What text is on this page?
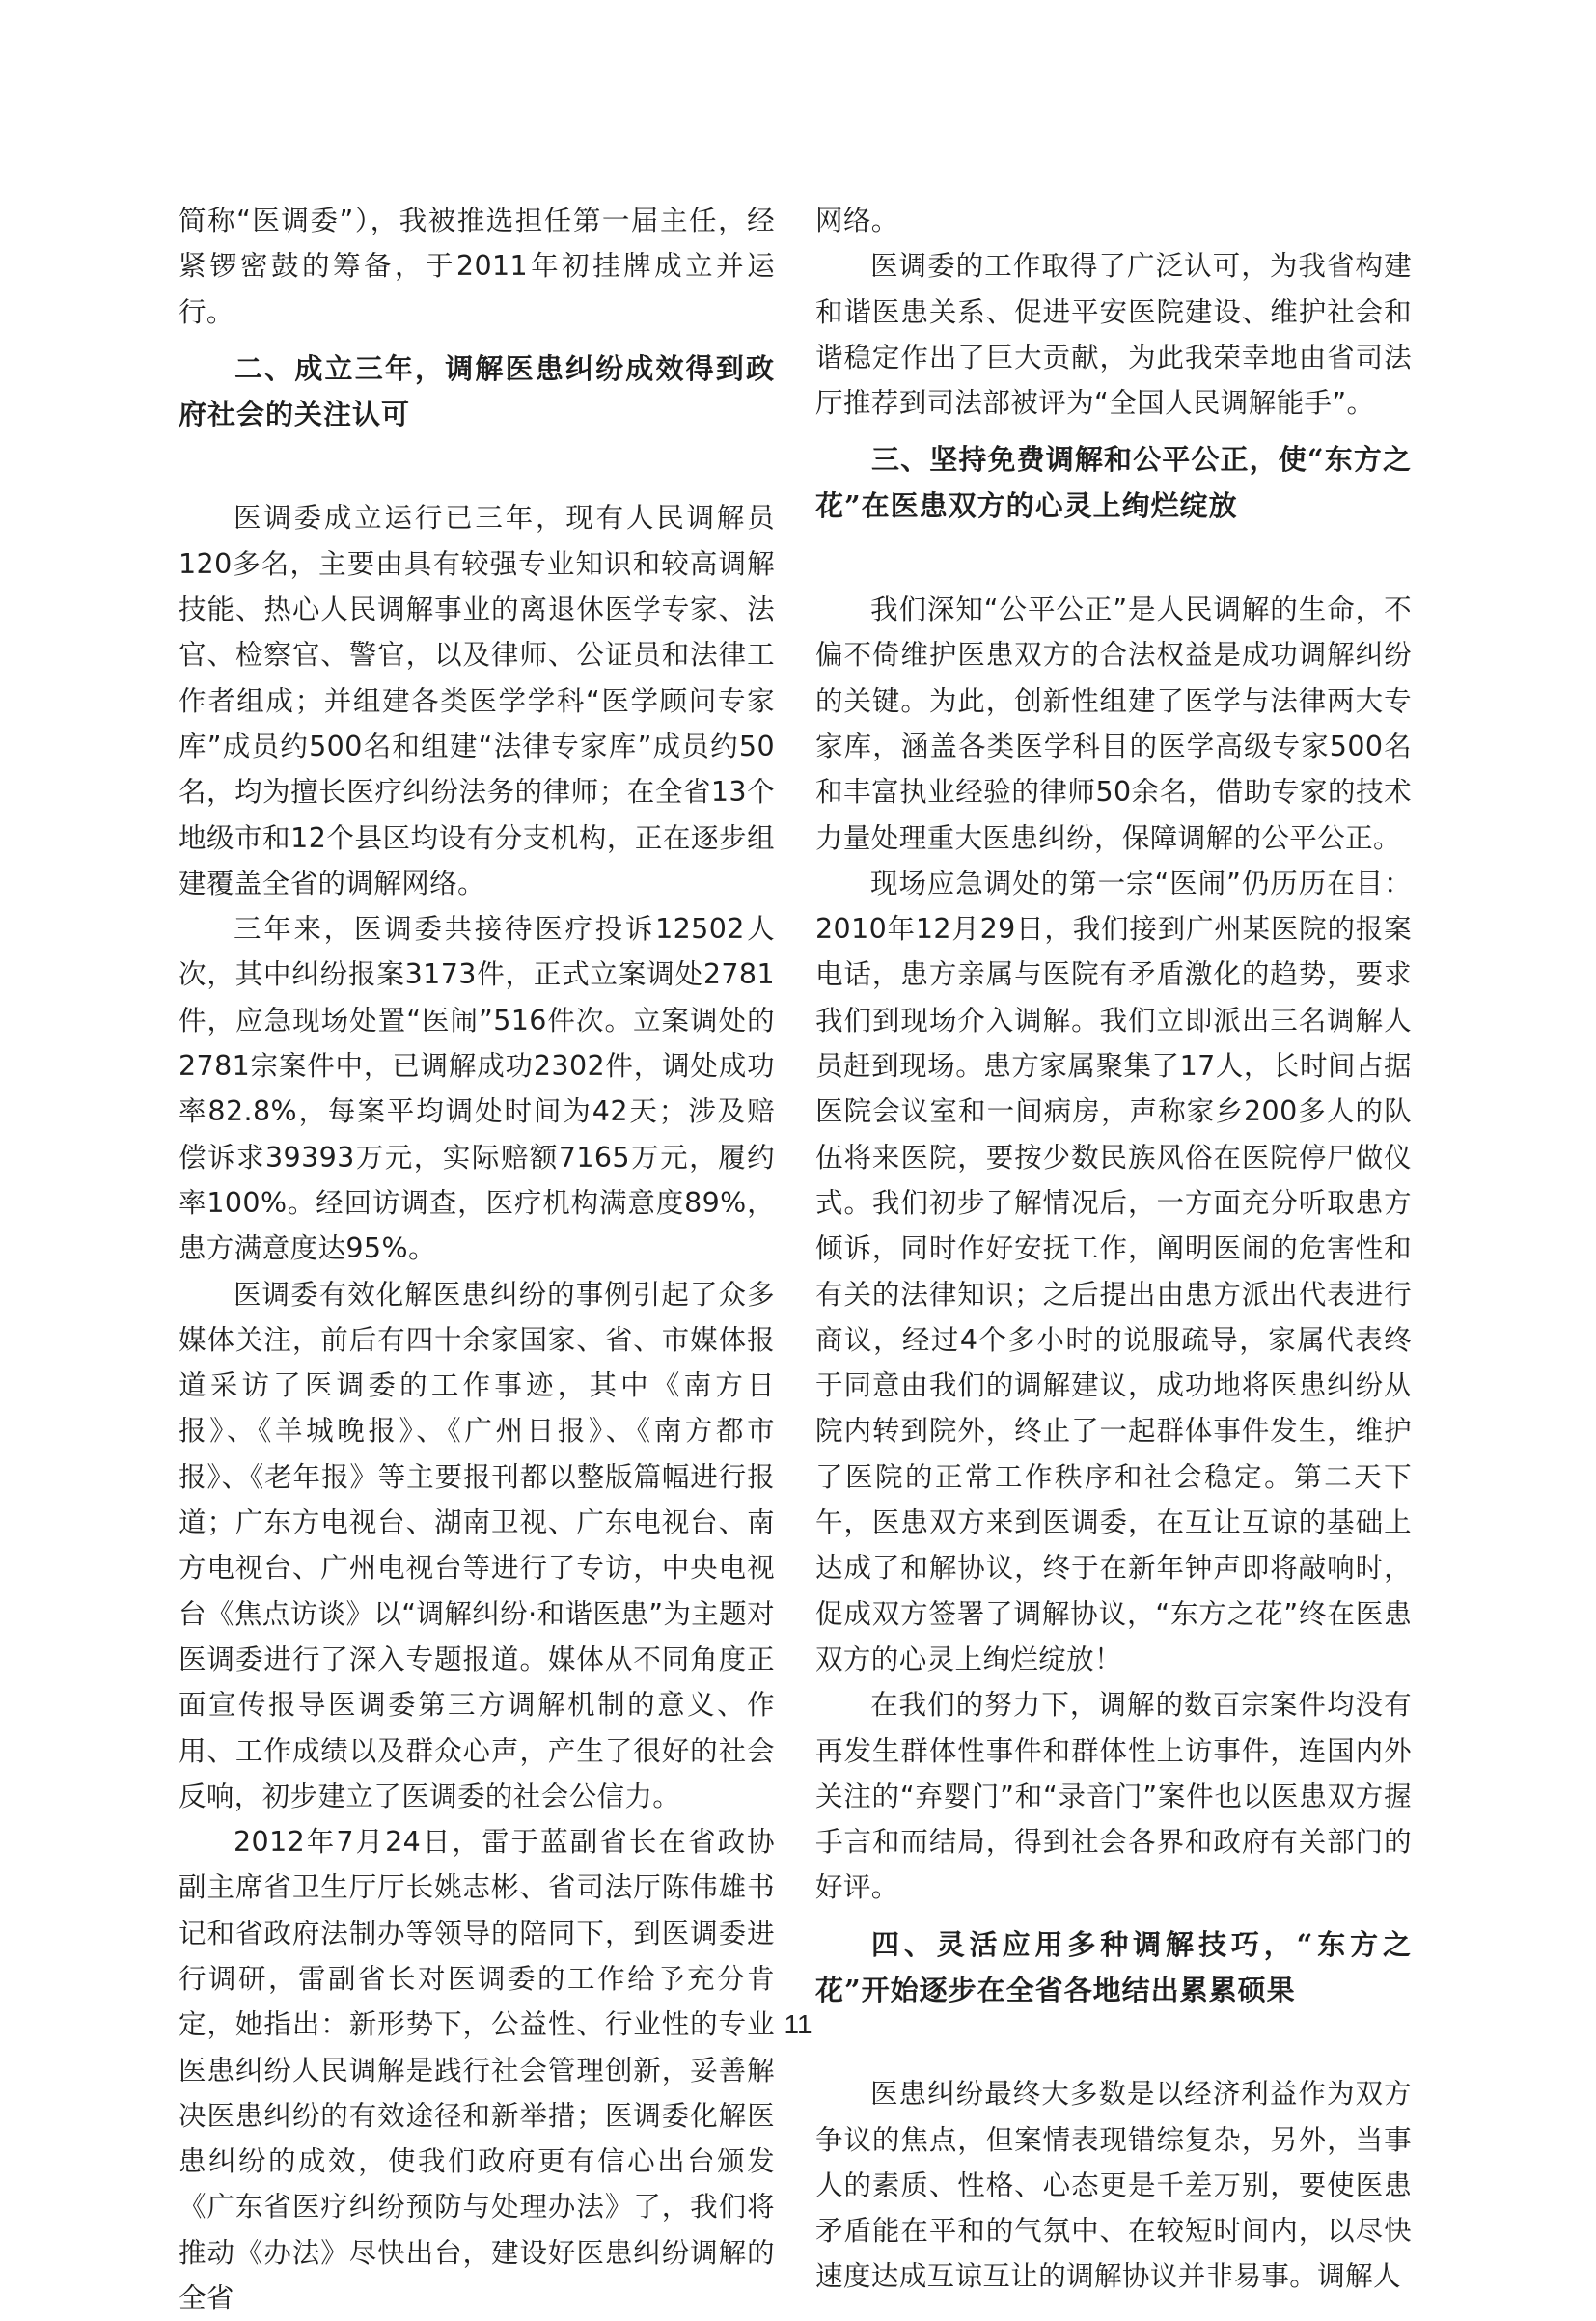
简称“医调委”），我被推选担任第一届主任，经紧锣密鼓的筹备，于2011年初挂牌成立并运行。

二、成立三年，调解医患纠纷成效得到政府社会的关注认可

医调委成立运行已三年，现有人民调解员120多名，主要由具有较强专业知识和较高调解技能、热心人民调解事业的离退休医学专家、法官、检察官、警官，以及律师、公证员和法律工作者组成；并组建各类医学学科“医学顾问专家库”成员约500名和组建“法律专家库”成员约50名，均为擅长医疗纠纷法务的律师；在全省13个地级市和12个县区均设有分支机构，正在逐步组建覆盖全省的调解网络。

三年来，医调委共接待医疗投诉12502人次，其中纠纷报案3173件，正式立案调处2781件，应急现场处置“医闹”516件次。立案调处的2781宗案件中，已调解成功2302件，调处成功率82.8%，每案平均调处时间为42天；涉及赔偿诉求39393万元，实际赔额7165万元，履约率100%。经回访调查，医疗机构满意度89%，患方满意度达95%。

医调委有效化解医患纠纷的事例引起了众多媒体关注，前后有四十余家国家、省、市媒体报道采访了医调委的工作事迹，其中《南方日报》、《羊城晚报》、《广州日报》、《南方都市报》、《老年报》等主要报刊都以整版篇幅进行报道；广东方电视台、湖南卫视、广东电视台、南方电视台、广州电视台等进行了专访，中央电视台《焦点访谈》以“调解纠纷·和谐医患”为主题对医调委进行了深入专题报道。媒体从不同角度正面宣传报导医调委第三方调解机制的意义、作用、工作成绩以及群众心声，产生了很好的社会反响，初步建立了医调委的社会公信力。

2012年7月24日，雷于蓝副省长在省政协副主席省卫生厅厅长姚志彬、省司法厅陈伟雄书记和省政府法制办等领导的陪同下，到医调委进行调研，雷副省长对医调委的工作给予充分肯定，她指出：新形势下，公益性、行业性的专业医患纠纷人民调解是践行社会管理创新，妥善解决医患纠纷的有效途径和新举措；医调委化解医患纠纷的成效，使我们政府更有信心出台颁发《广东省医疗纠纷预防与处理办法》了，我们将推动《办法》尽快出台，建设好医患纠纷调解的全省

网络。

医调委的工作取得了广泛认可，为我省构建和谐医患关系、促进平安医院建设、维护社会和谐稳定作出了巨大贡献，为此我荣幸地由省司法厅推荐到司法部被评为“全国人民调解能手”。

三、坚持免费调解和公平公正，使“东方之花”在医患双方的心灵上绚烂绽放

我们深知“公平公正”是人民调解的生命，不偏不倚维护医患双方的合法权益是成功调解纠纷的关键。为此，创新性组建了医学与法律两大专家库，涵盖各类医学科目的医学高级专家500名和丰富执业经验的律师50余名，借助专家的技术力量处理重大医患纠纷，保障调解的公平公正。

现场应急调处的第一宗“医闹”仍历历在目：2010年12月29日，我们接到广州某医院的报案电话，患方亲属与医院有矛盾激化的趋势，要求我们到现场介入调解。我们立即派出三名调解人员赶到现场。患方家属聚集了17人，长时间占据医院会议室和一间病房，声称家乡200多人的队伍将来医院，要按少数民族风俗在医院停尸做仪式。我们初步了解情况后，一方面充分听取患方倾诉，同时作好安抚工作，阐明医闹的危害性和有关的法律知识；之后提出由患方派出代表进行商议，经过4个多小时的说服疏导，家属代表终于同意由我们的调解建议，成功地将医患纠纷从院内转到院外，终止了一起群体事件发生，维护了医院的正常工作秩序和社会稳定。第二天下午，医患双方来到医调委，在互让互谅的基础上达成了和解协议，终于在新年钟声即将敲响时，促成双方签署了调解协议，“东方之花”终在医患双方的心灵上绚烂绽放！

在我们的努力下，调解的数百宗案件均没有再发生群体性事件和群体性上访事件，连国内外关注的“弃婴门”和“录音门”案件也以医患双方握手言和而结局，得到社会各界和政府有关部门的好评。

四、灵活应用多种调解技巧，“东方之花”开始逐步在全省各地结出累累硕果

医患纠纷最终大多数是以经济利益作为双方争议的焦点，但案情表现错综复杂，另外，当事人的素质、性格、心态更是千差万别，要使医患矛盾能在平和的气氛中、在较短时间内，以尽快速度达成互谅互让的调解协议并非易事。调解人

11
